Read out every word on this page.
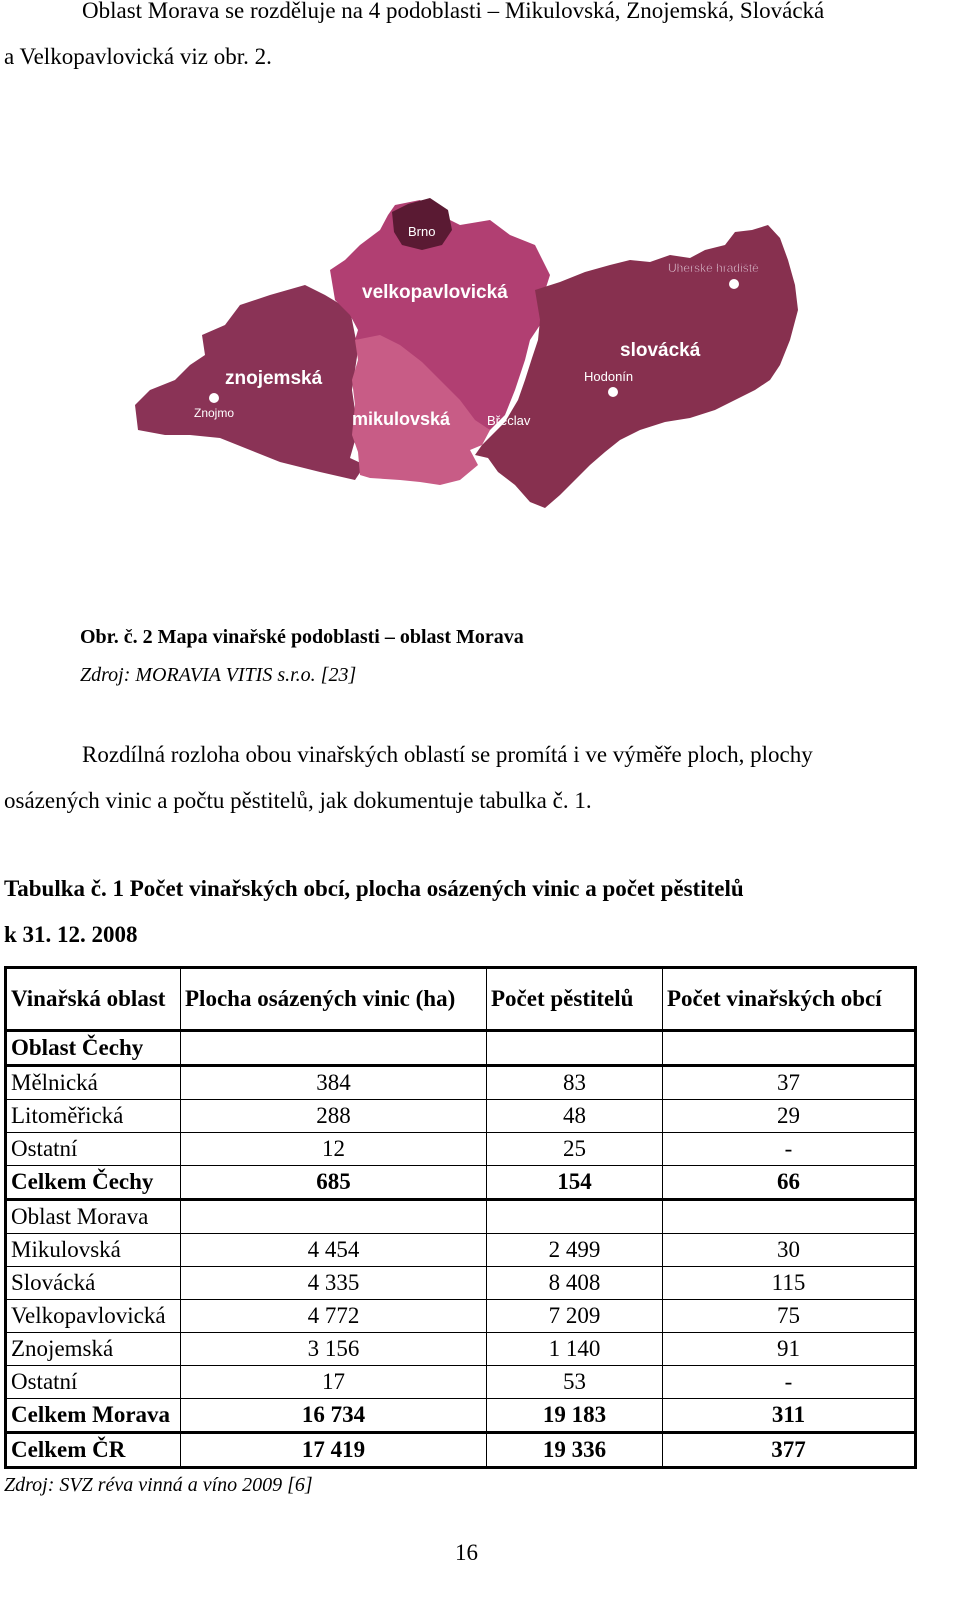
Oblast Morava se rozděluje na 4 podoblasti – Mikulovská, Znojemská, Slovácká
a Velkopavlovická viz obr. 2.
Brno
Uherské hradiště
velkopavlovická
znojemská
Znojmo
slovácká
Hodonín
mikulovská	Břeclav
Obr. č. 2 Mapa vinařské podoblasti – oblast Morava
Zdroj: MORAVIA VITIS s.r.o. [23]
Rozdílná rozloha obou vinařských oblastí se promítá i ve výměře ploch, plochy
osázených vinic a počtu pěstitelů, jak dokumentuje tabulka č. 1.
Tabulka č. 1 Počet vinařských obcí, plocha osázených vinic a počet pěstitelů
k 31. 12. 2008
Vinařská oblast	Plocha osázených vinic (ha)	Počet pěstitelů	Počet vinařských obcí
Oblast Čechy			
Mělnická	384	83	37
Litoměřická	288	48	29
Ostatní	12	25	-
Celkem Čechy	685	154	66
Oblast Morava			
Mikulovská	4 454	2 499	30
Slovácká	4 335	8 408	115
Velkopavlovická	4 772	7 209	75
Znojemská	3 156	1 140	91
Ostatní	17	53	-
Celkem Morava	16 734	19 183	311
Celkem ČR	17 419	19 336	377
Zdroj: SVZ réva vinná a víno 2009 [6]
16
